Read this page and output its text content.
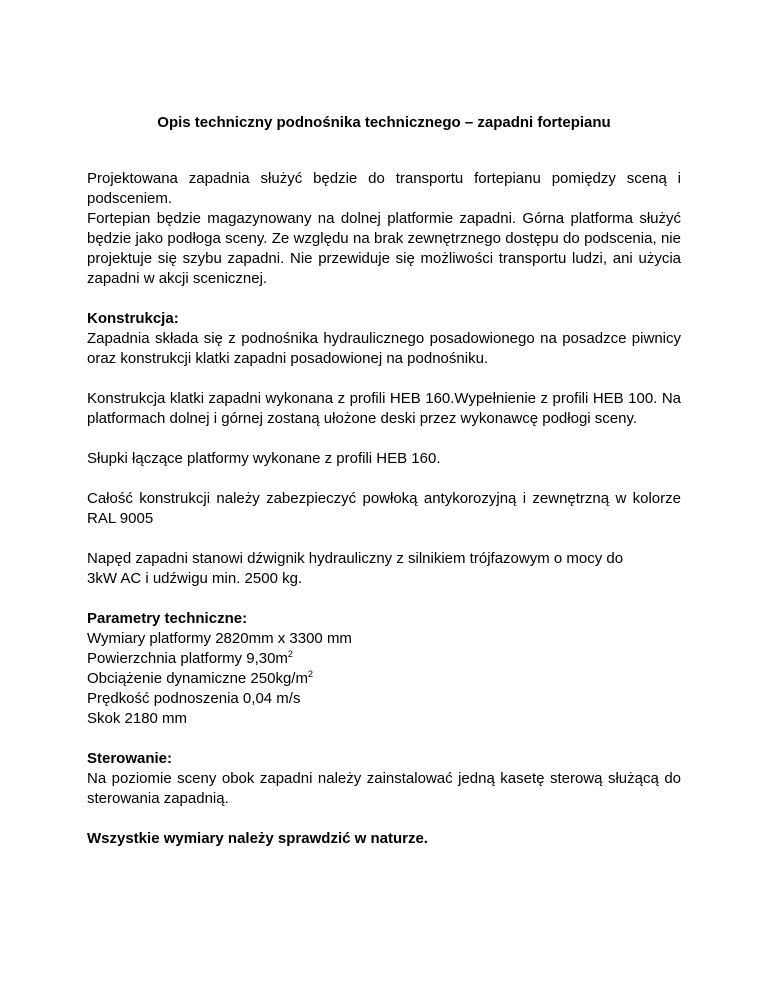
Opis techniczny podnośnika technicznego – zapadni fortepianu

Projektowana zapadnia służyć będzie do transportu fortepianu pomiędzy sceną i podsceniem.
Fortepian będzie magazynowany na dolnej platformie zapadni. Górna platforma służyć będzie jako podłoga sceny. Ze względu na brak zewnętrznego dostępu do podscenia, nie projektuje się szybu zapadni. Nie przewiduje się możliwości transportu ludzi, ani użycia zapadni w akcji scenicznej.

Konstrukcja:
Zapadnia składa się z podnośnika hydraulicznego posadowionego na posadzce piwnicy oraz konstrukcji klatki zapadni posadowionej na podnośniku.

Konstrukcja klatki zapadni wykonana z profili HEB 160.Wypełnienie z profili HEB 100. Na platformach dolnej i górnej zostaną ułożone deski przez wykonawcę podłogi sceny.

Słupki łączące platformy wykonane z profili HEB 160.

Całość konstrukcji należy zabezpieczyć powłoką antykorozyjną i zewnętrzną w kolorze RAL 9005

Napęd zapadni stanowi dźwignik hydrauliczny z silnikiem trójfazowym o mocy do
3kW AC i udźwigu min. 2500 kg.

Parametry techniczne:
Wymiary platformy 2820mm x 3300 mm
Powierzchnia platformy $9,30m^2$
Obciążenie dynamiczne $250kg/m^2$
Prędkość podnoszenia 0,04 m/s
Skok 2180 mm

Sterowanie:
Na poziomie sceny obok zapadni należy zainstalować jedną kasetę sterową służącą do sterowania zapadnią.

Wszystkie wymiary należy sprawdzić w naturze.
